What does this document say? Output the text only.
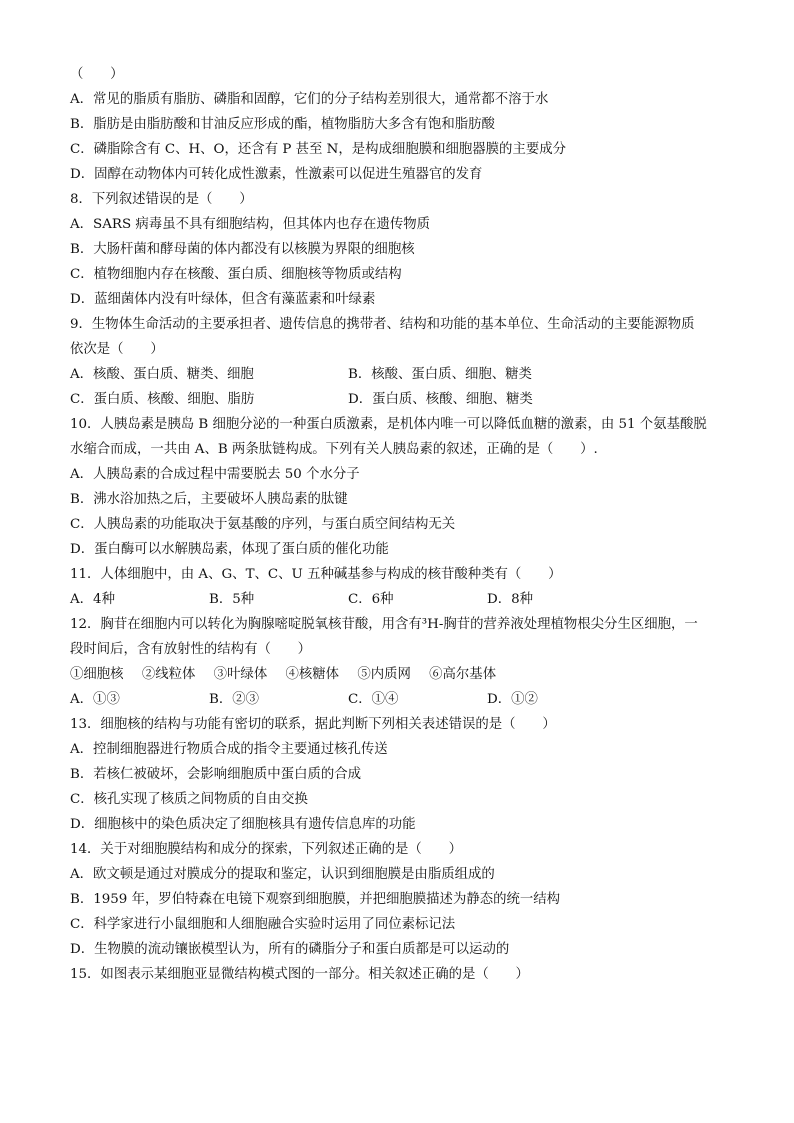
（　　）
A．常见的脂质有脂肪、磷脂和固醇，它们的分子结构差别很大，通常都不溶于水
B．脂肪是由脂肪酸和甘油反应形成的酯，植物脂肪大多含有饱和脂肪酸
C．磷脂除含有 C、H、O，还含有 P 甚至 N，是构成细胞膜和细胞器膜的主要成分
D．固醇在动物体内可转化成性激素，性激素可以促进生殖器官的发育
8．下列叙述错误的是（　　）
A．SARS 病毒虽不具有细胞结构，但其体内也存在遗传物质
B．大肠杆菌和酵母菌的体内都没有以核膜为界限的细胞核
C．植物细胞内存在核酸、蛋白质、细胞核等物质或结构
D．蓝细菌体内没有叶绿体，但含有藻蓝素和叶绿素
9．生物体生命活动的主要承担者、遗传信息的携带者、结构和功能的基本单位、生命活动的主要能源物质
依次是（　　）
A．核酸、蛋白质、糖类、细胞	B．核酸、蛋白质、细胞、糖类
C．蛋白质、核酸、细胞、脂肪	D．蛋白质、核酸、细胞、糖类
10．人胰岛素是胰岛 B 细胞分泌的一种蛋白质激素，是机体内唯一可以降低血糖的激素，由 51 个氨基酸脱
水缩合而成，一共由 A、B 两条肽链构成。下列有关人胰岛素的叙述，正确的是（　　）.
A．人胰岛素的合成过程中需要脱去 50 个水分子
B．沸水浴加热之后，主要破坏人胰岛素的肽键
C．人胰岛素的功能取决于氨基酸的序列，与蛋白质空间结构无关
D．蛋白酶可以水解胰岛素，体现了蛋白质的催化功能
11．人体细胞中，由 A、G、T、C、U 五种碱基参与构成的核苷酸种类有（　　）
A．4种	B．5种	C．6种	D．8种
12．胸苷在细胞内可以转化为胸腺嘧啶脱氧核苷酸，用含有³H-胸苷的营养液处理植物根尖分生区细胞，一
段时间后，含有放射性的结构有（　　）
①细胞核 ②线粒体 ③叶绿体 ④核糖体 ⑤内质网 ⑥高尔基体
A．①③	B．②③	C．①④	D．①②
13．细胞核的结构与功能有密切的联系，据此判断下列相关表述错误的是（　　）
A．控制细胞器进行物质合成的指令主要通过核孔传送
B．若核仁被破坏，会影响细胞质中蛋白质的合成
C．核孔实现了核质之间物质的自由交换
D．细胞核中的染色质决定了细胞核具有遗传信息库的功能
14．关于对细胞膜结构和成分的探索，下列叙述正确的是（　　）
A．欧文顿是通过对膜成分的提取和鉴定，认识到细胞膜是由脂质组成的
B．1959 年，罗伯特森在电镜下观察到细胞膜，并把细胞膜描述为静态的统一结构
C．科学家进行小鼠细胞和人细胞融合实验时运用了同位素标记法
D．生物膜的流动镶嵌模型认为，所有的磷脂分子和蛋白质都是可以运动的
15．如图表示某细胞亚显微结构模式图的一部分。相关叙述正确的是（　　）
